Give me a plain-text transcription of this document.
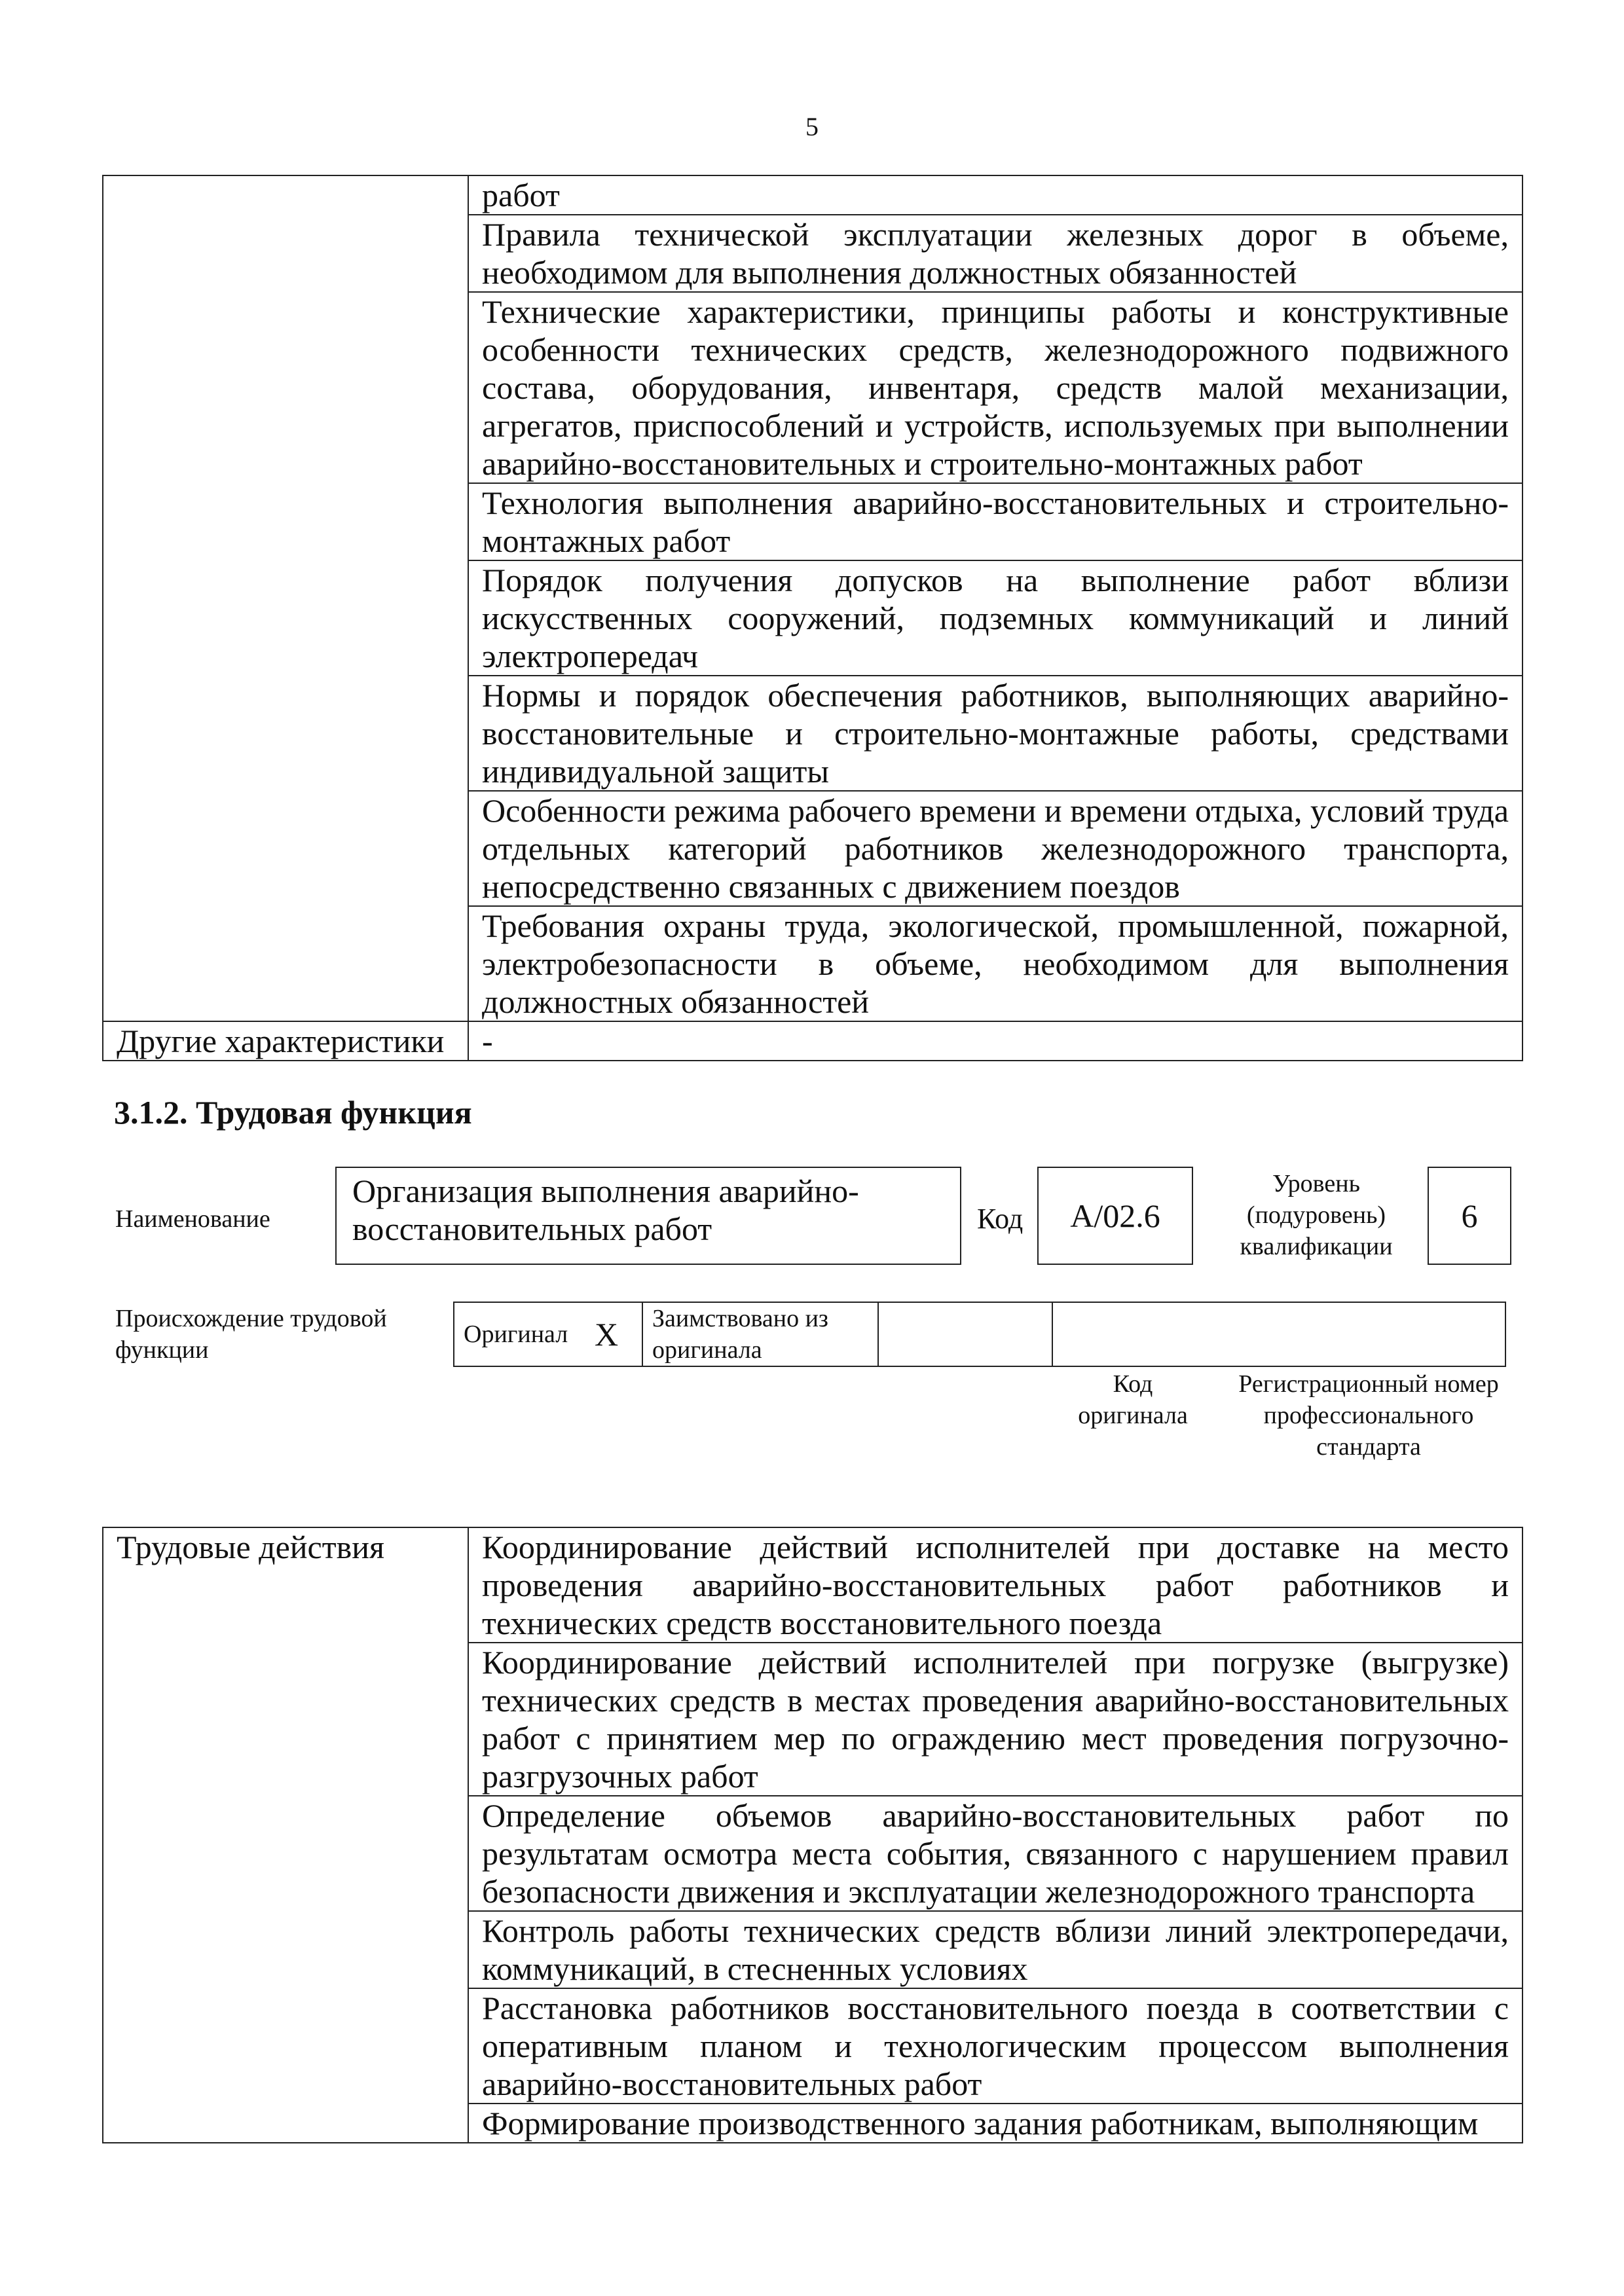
5
	работ
	Правила технической эксплуатации железных дорог в объеме, необходимом для выполнения должностных обязанностей
	Технические характеристики, принципы работы и конструктивные особенности технических средств, железнодорожного подвижного состава, оборудования, инвентаря, средств малой механизации, агрегатов, приспособлений и устройств, используемых при выполнении аварийно-восстановительных и строительно-монтажных работ
	Технология выполнения аварийно-восстановительных и строительно-монтажных работ
	Порядок получения допусков на выполнение работ вблизи искусственных сооружений, подземных коммуникаций и линий электропередач
	Нормы и порядок обеспечения работников, выполняющих аварийно-восстановительные и строительно-монтажные работы, средствами индивидуальной защиты
	Особенности режима рабочего времени и времени отдыха, условий труда отдельных категорий работников железнодорожного транспорта, непосредственно связанных с движением поездов
	Требования охраны труда, экологической, промышленной, пожарной, электробезопасности в объеме, необходимом для выполнения должностных обязанностей
Другие характеристики	-
3.1.2. Трудовая функция
Наименование
Организация выполнения аварийно-восстановительных работ	Код	А/02.6
Уровень (подуровень) квалификации
6
Происхождение трудовой функции
Оригинал	X	Заимствовано из оригинала		
Код оригинала
Регистрационный номер профессионального стандарта
Трудовые действия	Координирование действий исполнителей при доставке на место проведения аварийно-восстановительных работ работников и технических средств восстановительного поезда
Координирование действий исполнителей при погрузке (выгрузке) технических средств в местах проведения аварийно-восстановительных работ с принятием мер по ограждению мест проведения погрузочно-разгрузочных работ
Определение объемов аварийно-восстановительных работ по результатам осмотра места события, связанного с нарушением правил безопасности движения и эксплуатации железнодорожного транспорта
Контроль работы технических средств вблизи линий электропередачи, коммуникаций, в стесненных условиях
Расстановка работников восстановительного поезда в соответствии с оперативным планом и технологическим процессом выполнения аварийно-восстановительных работ
Формирование производственного задания работникам, выполняющим
